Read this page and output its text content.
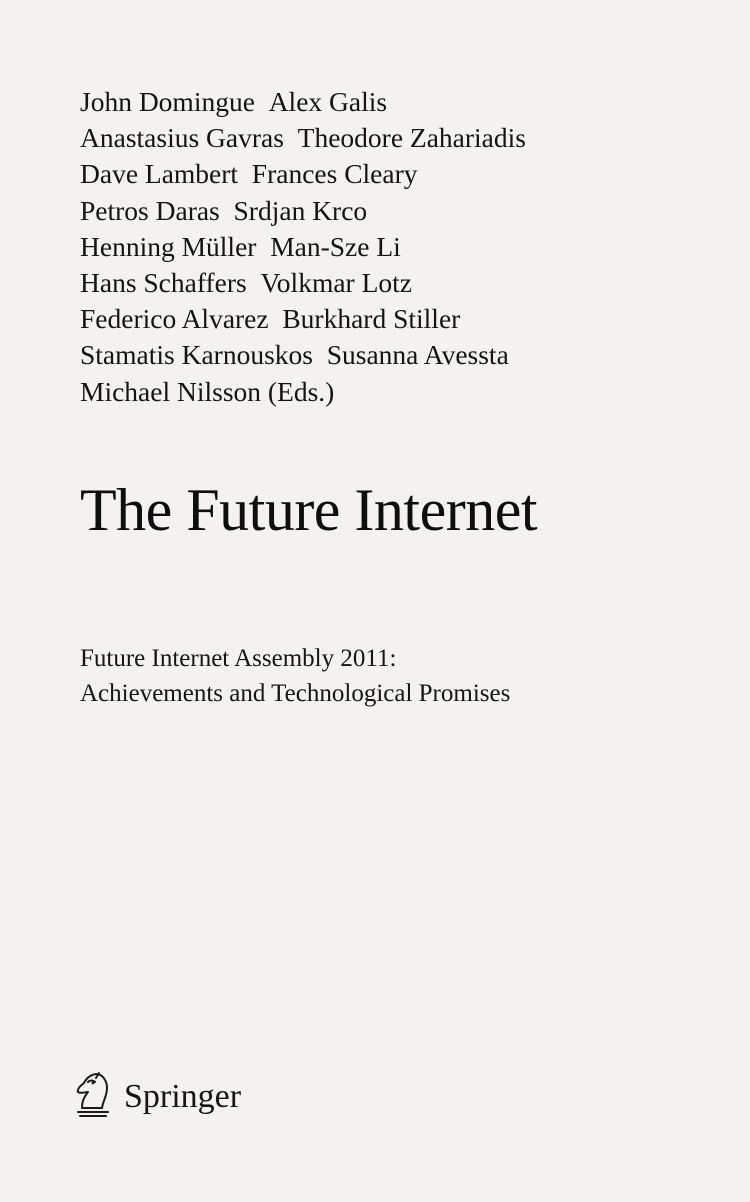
John Domingue Alex Galis
Anastasius Gavras Theodore Zahariadis
Dave Lambert Frances Cleary
Petros Daras Srdjan Krco
Henning Müller Man-Sze Li
Hans Schaffers Volkmar Lotz
Federico Alvarez Burkhard Stiller
Stamatis Karnouskos Susanna Avessta
Michael Nilsson (Eds.)
The Future Internet
Future Internet Assembly 2011:
Achievements and Technological Promises
Springer
